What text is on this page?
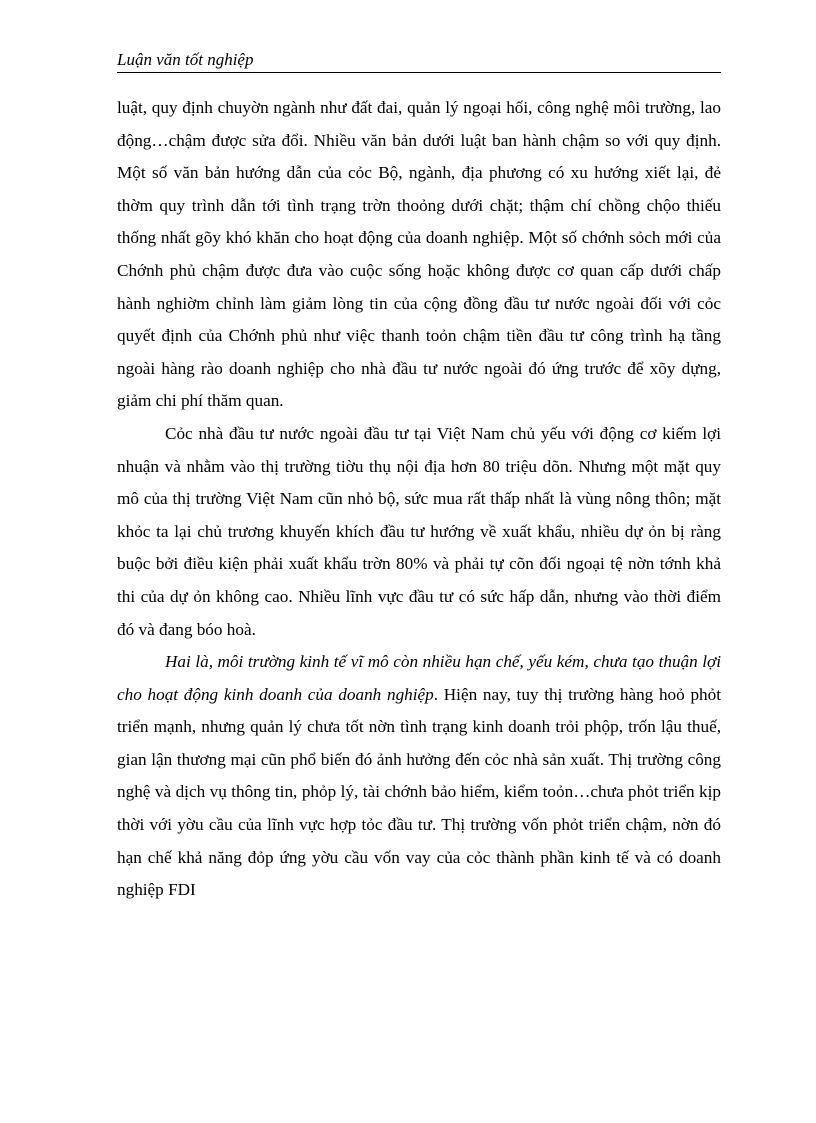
Luận văn tốt nghiệp

luật, quy định chuyờn ngành như đất đai, quản lý ngoại hối, công nghệ môi trường, lao động…chậm được sửa đổi. Nhiều văn bản dưới luật ban hành chậm so với quy định. Một số văn bản hướng dẫn của cỏc Bộ, ngành, địa phương có xu hướng xiết lại, đẻ thờm quy trình dẫn tới tình trạng trờn thoỏng dưới chặt; thậm chí chồng chộo thiếu thống nhất gõy khó khăn cho hoạt động của doanh nghiệp. Một số chớnh sỏch mới của Chớnh phủ chậm được đưa vào cuộc sống hoặc không được cơ quan cấp dưới chấp hành nghiờm chỉnh làm giảm lòng tin của cộng đồng đầu tư nước ngoài đối với cỏc quyết định của Chớnh phủ như việc thanh toỏn chậm tiền đầu tư công trình hạ tầng ngoài hàng rào doanh nghiệp cho nhà đầu tư nước ngoài đó ứng trước để xõy dựng, giảm chi phí thăm quan.

Cỏc nhà đầu tư nước ngoài đầu tư tại Việt Nam chủ yếu với động cơ kiếm lợi nhuận và nhằm vào thị trường tiờu thụ nội địa hơn 80 triệu dõn. Nhưng một mặt quy mô của thị trường Việt Nam cũn nhỏ bộ, sức mua rất thấp nhất là vùng nông thôn; mặt khỏc ta lại chủ trương khuyến khích đầu tư hướng về xuất khẩu, nhiều dự ỏn bị ràng buộc bởi điều kiện phải xuất khẩu trờn 80% và phải tự cõn đối ngoại tệ nờn tớnh khả thi của dự ỏn không cao. Nhiều lĩnh vực đầu tư có sức hấp dẫn, nhưng vào thời điểm đó và đang bóo hoà.

Hai là, môi trường kinh tế vĩ mô còn nhiều hạn chế, yếu kém, chưa tạo thuận lợi cho hoạt động kinh doanh của doanh nghiệp. Hiện nay, tuy thị trường hàng hoỏ phỏt triển mạnh, nhưng quản lý chưa tốt nờn tình trạng kinh doanh trỏi phộp, trốn lậu thuế, gian lận thương mại cũn phổ biến đó ảnh hưởng đến cỏc nhà sản xuất. Thị trường công nghệ và dịch vụ thông tin, phỏp lý, tài chớnh bảo hiểm, kiểm toỏn…chưa phỏt triển kịp thời với yờu cầu của lĩnh vực hợp tỏc đầu tư. Thị trường vốn phỏt triển chậm, nờn đó hạn chế khả năng đỏp ứng yờu cầu vốn vay của cỏc thành phần kinh tế và có doanh nghiệp FDI
